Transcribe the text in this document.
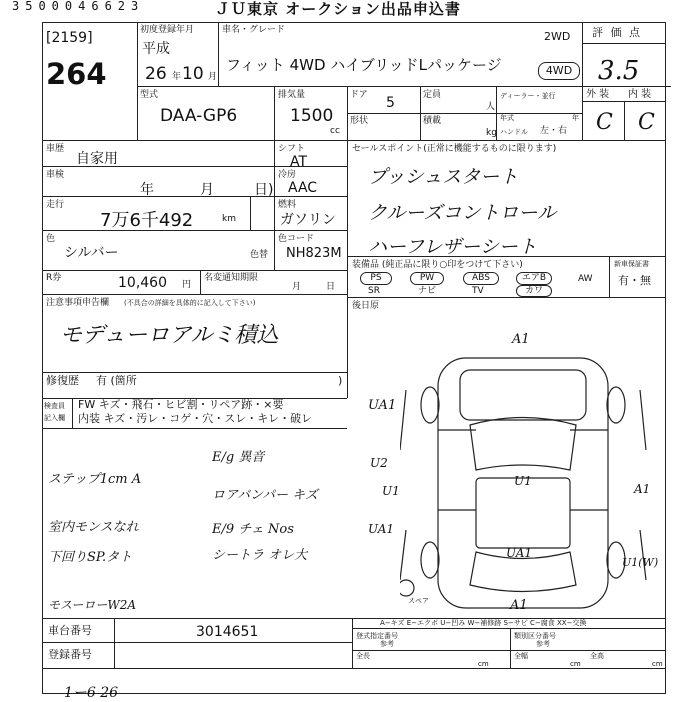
3500046623	ＪＵ東京 オークション出品申込書
[2159]
264
初度登録年月
平成
26 年 10 月
車名・グレード
フィット 4WD ハイブリッドLパッケージ
2WD
4WD
型式
DAA-GP6
排気量
1500
cc
ドア 5	定員
人
ディーラー・並行
形状	積載
kg
年式	年
ハンドル 左・右
評 価 点
3.5
外 装 内 装
C C
車歴
自家用
シフト
AT
車検
年	月	日)
冷房
AAC
走行
7万6千492	km
燃料
ガソリン
色
シルバー	色替
色コード
NH823M
R券	10,460 円
名変通知期限
月	日
注意事項申告欄 (不具合の詳細を具体的に記入して下さい)
モデューロアルミ積込
修復歴 有 (箇所	)
セールスポイント(正常に機能するものに限ります)
プッシュスタート
クルーズコントロール
ハーフレザーシート
装備品 (純正品に限り○印をつけて下さい)	新車保証書
有・無
PS	PW	ABS	エアB	AW
SR	ナビ	TV	カワ
後日原
検査員
記入欄
FW キズ・飛石・ヒビ割・リペア跡・×要
内装 キズ・汚レ・コゲ・穴・スレ・キレ・破レ
ステップ1cm A
室内モンスなれ
下回りSP.タト
モスーローW2A
E/g 異音
ロアバンパー キズ
E/9 チェ Nos
シートラ オレ大
A1
UA1
U2
U1
UA1
A1
UA1
A1
U1
U1(W)
スペア
A−キズ E−エクボ U−凹み W−補修跡 S−サビ C−腐食 XX−交換
車台番号	3014651
登録番号
登式指定番号
参考
類別区分番号
参考
全長
cm
全幅
cm
全高
cm
1ー6 26
